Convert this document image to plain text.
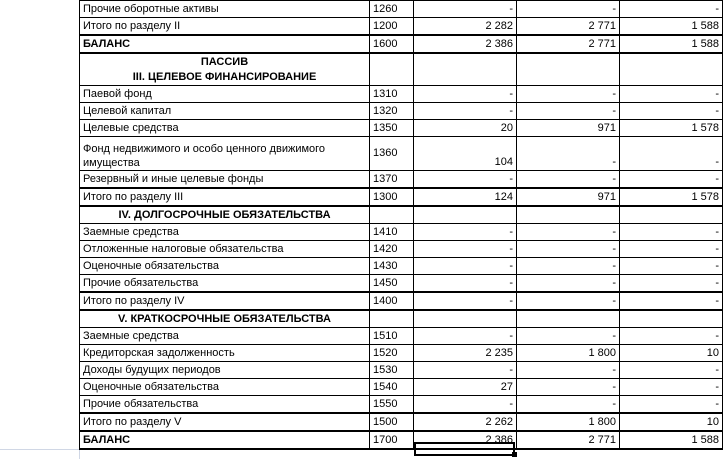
Прочие оборотные активы	1260	-	-	-
Итого по разделу II	1200	2 282	2 771	1 588
БАЛАНС	1600	2 386	2 771	1 588

ПАССИВ
III. ЦЕЛЕВОЕ ФИНАНСИРОВАНИЕ				

Паевой фонд	1310	-	-	-
Целевой капитал	1320	-	-	-
Целевые средства	1350	20	971	1 578
Фонд недвижимого и особо ценного движимого имущества	1360	104	-	-
Резервный и иные целевые фонды	1370	-	-	-
Итого по разделу III	1300	124	971	1 578
IV. ДОЛГОСРОЧНЫЕ ОБЯЗАТЕЛЬСТВА				
Заемные средства	1410	-	-	-
Отложенные налоговые обязательства	1420	-	-	-
Оценочные обязательства	1430	-	-	-
Прочие обязательства	1450	-	-	-
Итого по разделу IV	1400	-	-	-
V. КРАТКОСРОЧНЫЕ ОБЯЗАТЕЛЬСТВА				
Заемные средства	1510	-	-	-
Кредиторская задолженность	1520	2 235	1 800	10
Доходы будущих периодов	1530	-	-	-
Оценочные обязательства	1540	27	-	-
Прочие обязательства	1550	-	-	-
Итого по разделу V	1500	2 262	1 800	10
БАЛАНС	1700	2 386	2 771	1 588
